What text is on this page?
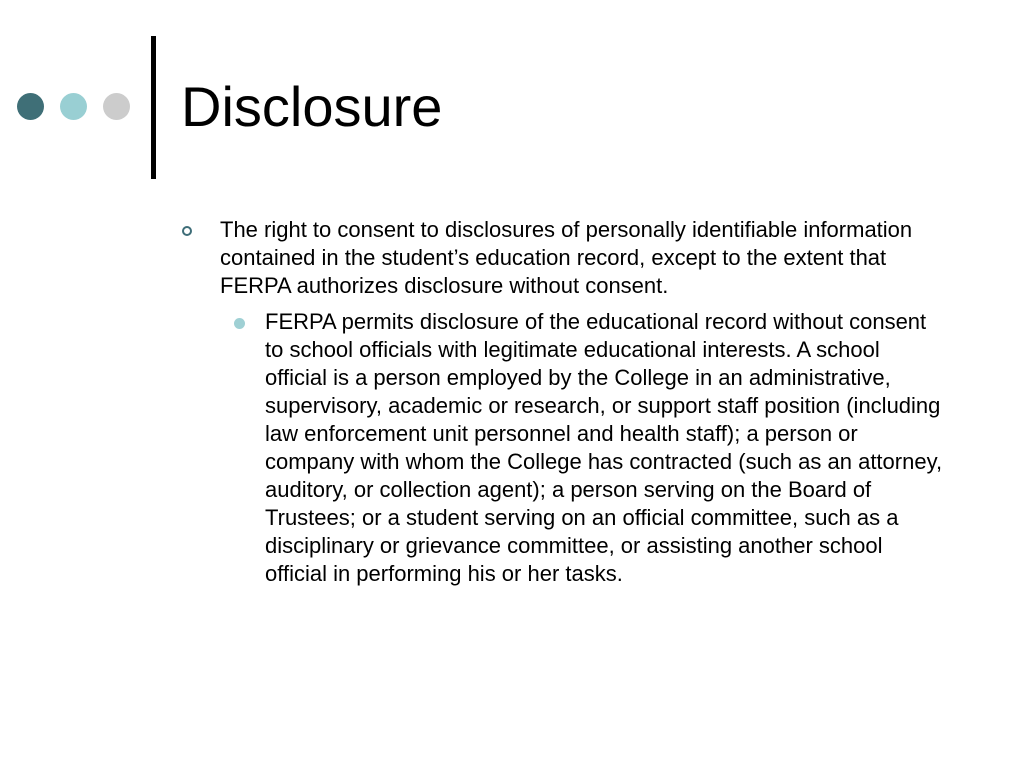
Disclosure
The right to consent to disclosures of personally identifiable information contained in the student’s education record, except to the extent that FERPA authorizes disclosure without consent.
FERPA permits disclosure of the educational record without consent to school officials with legitimate educational interests. A school official is a person employed by the College in an administrative, supervisory, academic or research, or support staff position (including law enforcement unit personnel and health staff); a person or company with whom the College has contracted (such as an attorney, auditory, or collection agent); a person serving on the Board of Trustees; or a student serving on an official committee, such as a disciplinary or grievance committee, or assisting another school official in performing his or her tasks.
